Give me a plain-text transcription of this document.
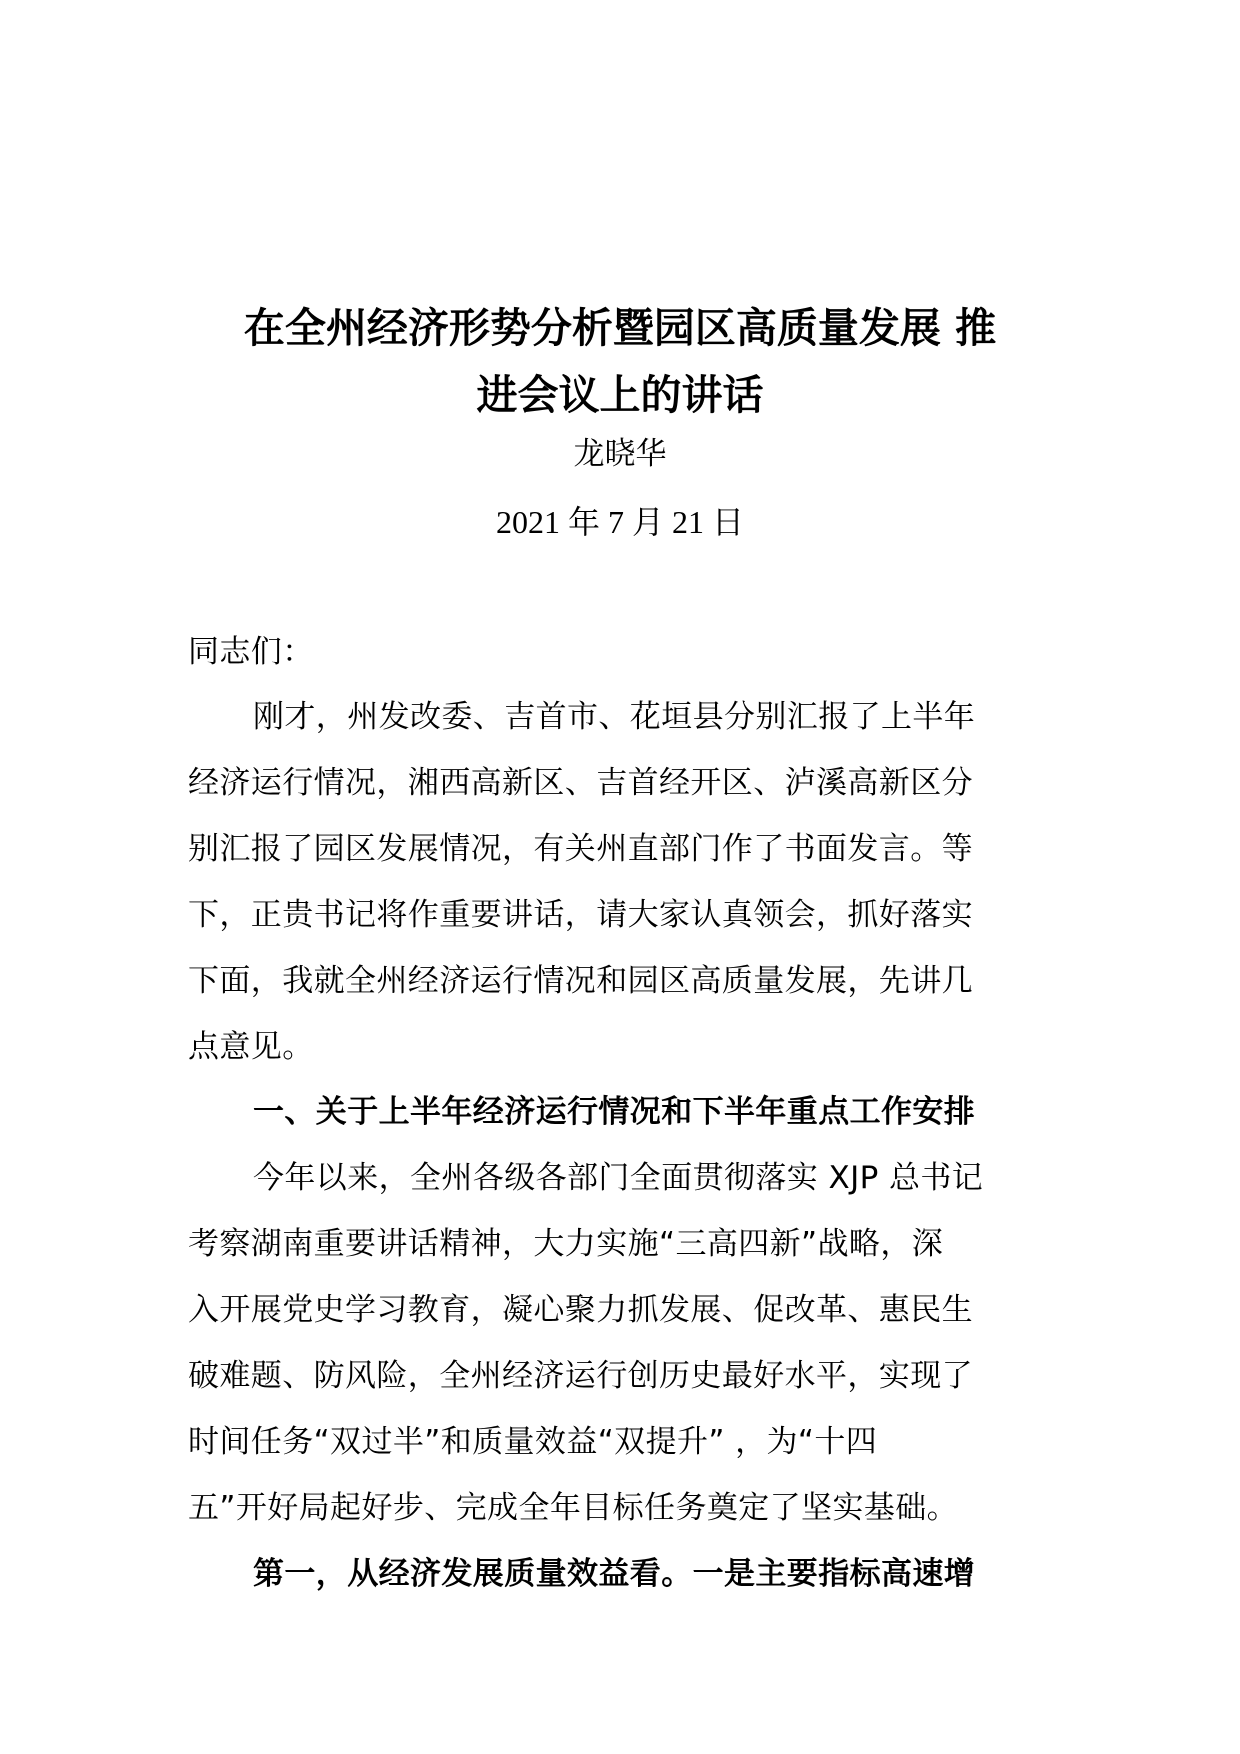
在全州经济形势分析暨园区高质量发展 推
进会议上的讲话
龙晓华
2021 年 7 月 21 日
同志们：
刚才，州发改委、吉首市、花垣县分别汇报了上半年
经济运行情况，湘西高新区、吉首经开区、泸溪高新区分
别汇报了园区发展情况，有关州直部门作了书面发言。等
下，正贵书记将作重要讲话，请大家认真领会，抓好落实
下面，我就全州经济运行情况和园区高质量发展，先讲几
点意见。
一、关于上半年经济运行情况和下半年重点工作安排
今年以来，全州各级各部门全面贯彻落实 XJP 总书记
考察湖南重要讲话精神，大力实施“三高四新”战略，深
入开展党史学习教育，凝心聚力抓发展、促改革、惠民生
破难题、防风险，全州经济运行创历史最好水平，实现了
时间任务“双过半”和质量效益“双提升” ，为“十四
五”开好局起好步、完成全年目标任务奠定了坚实基础。
第一，从经济发展质量效益看。一是主要指标高速增
